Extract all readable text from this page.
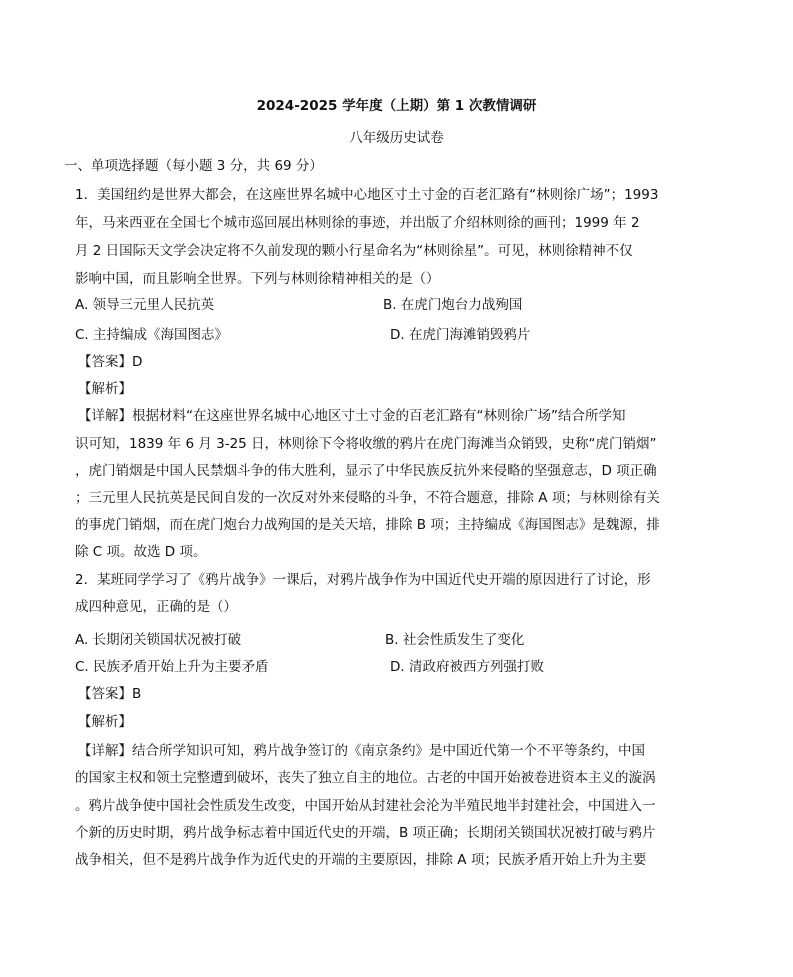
2024-2025 学年度（上期）第 1 次教情调研
八年级历史试卷
一、单项选择题（每小题 3 分，共 69 分）
1．美国纽约是世界大都会，在这座世界名城中心地区寸土寸金的百老汇路有“林则徐广场”；1993
年，马来西亚在全国七个城市巡回展出林则徐的事迹，并出版了介绍林则徐的画刊；1999 年 2
月 2 日国际天文学会决定将不久前发现的颗小行星命名为“林则徐星”。可见，林则徐精神不仅
影响中国，而且影响全世界。下列与林则徐精神相关的是（）
A. 领导三元里人民抗英	B. 在虎门炮台力战殉国
C. 主持编成《海国图志》	D. 在虎门海滩销毁鸦片
【答案】D
【解析】
【详解】根据材料“在这座世界名城中心地区寸土寸金的百老汇路有“林则徐广场”结合所学知
识可知，1839 年 6 月 3-25 日，林则徐下令将收缴的鸦片在虎门海滩当众销毁，史称“虎门销烟”
，虎门销烟是中国人民禁烟斗争的伟大胜利，显示了中华民族反抗外来侵略的坚强意志，D 项正确
；三元里人民抗英是民间自发的一次反对外来侵略的斗争，不符合题意，排除 A 项；与林则徐有关
的事虎门销烟，而在虎门炮台力战殉国的是关天培，排除 B 项；主持编成《海国图志》是魏源，排
除 C 项。故选 D 项。
2．某班同学学习了《鸦片战争》一课后，对鸦片战争作为中国近代史开端的原因进行了讨论，形
成四种意见，正确的是（）
A. 长期闭关锁国状况被打破	B. 社会性质发生了变化
C. 民族矛盾开始上升为主要矛盾	D. 清政府被西方列强打败
【答案】B
【解析】
【详解】结合所学知识可知，鸦片战争签订的《南京条约》是中国近代第一个不平等条约，中国
的国家主权和领土完整遭到破坏，丧失了独立自主的地位。古老的中国开始被卷进资本主义的漩涡
。鸦片战争使中国社会性质发生改变，中国开始从封建社会沦为半殖民地半封建社会，中国进入一
个新的历史时期，鸦片战争标志着中国近代史的开端，B 项正确；长期闭关锁国状况被打破与鸦片
战争相关，但不是鸦片战争作为近代史的开端的主要原因，排除 A 项；民族矛盾开始上升为主要
